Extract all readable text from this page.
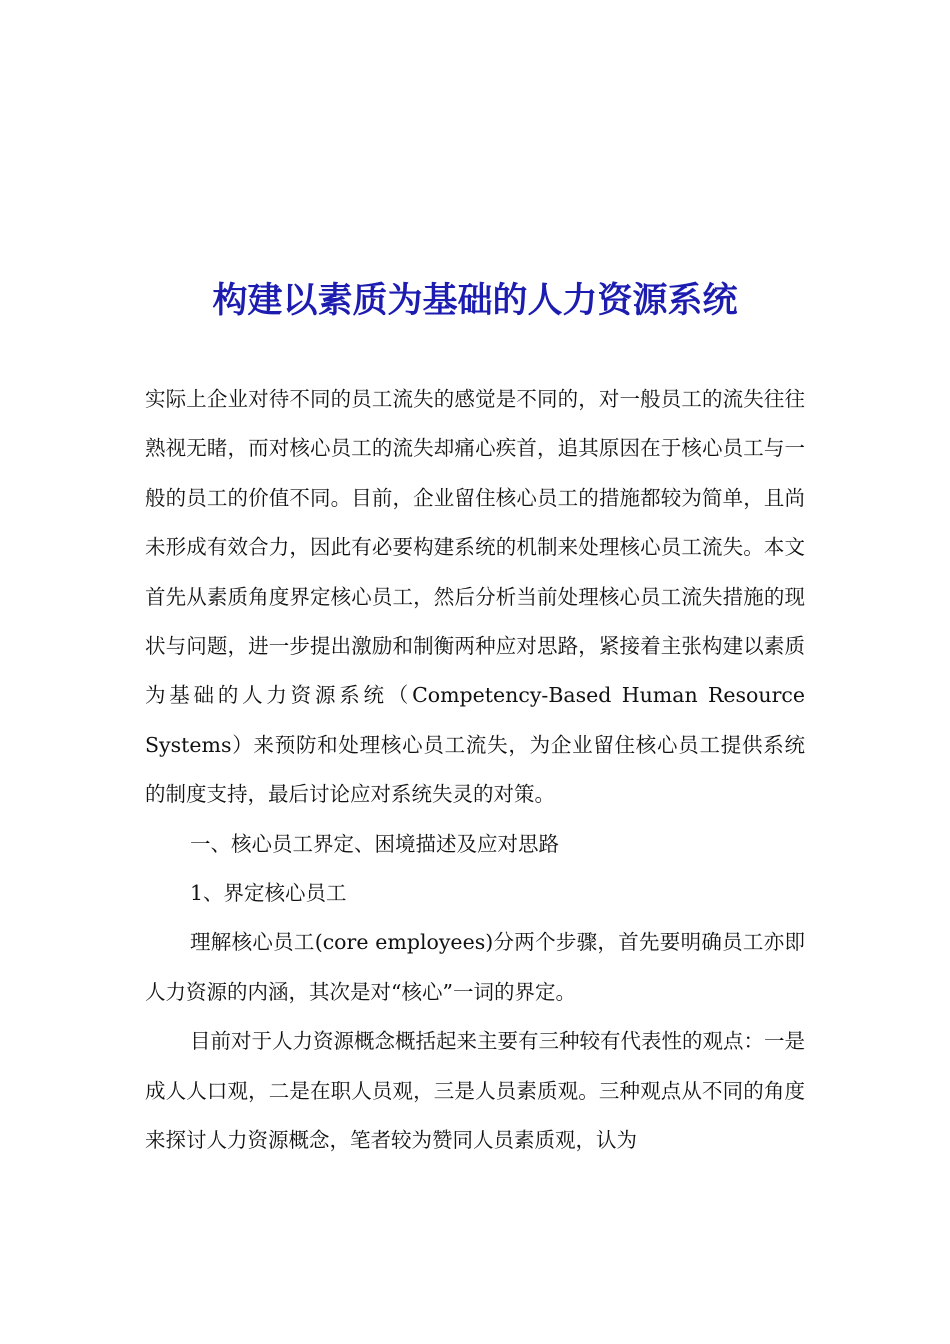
构建以素质为基础的人力资源系统

实际上企业对待不同的员工流失的感觉是不同的，对一般员工的流失往往熟视无睹，而对核心员工的流失却痛心疾首，追其原因在于核心员工与一般的员工的价值不同。目前，企业留住核心员工的措施都较为简单，且尚未形成有效合力，因此有必要构建系统的机制来处理核心员工流失。本文首先从素质角度界定核心员工，然后分析当前处理核心员工流失措施的现状与问题，进一步提出激励和制衡两种应对思路，紧接着主张构建以素质为基础的人力资源系统（Competency-Based Human Resource Systems）来预防和处理核心员工流失，为企业留住核心员工提供系统的制度支持，最后讨论应对系统失灵的对策。

一、核心员工界定、困境描述及应对思路

1、界定核心员工

理解核心员工(core employees)分两个步骤，首先要明确员工亦即人力资源的内涵，其次是对“核心”一词的界定。

目前对于人力资源概念概括起来主要有三种较有代表性的观点：一是成人人口观，二是在职人员观，三是人员素质观。三种观点从不同的角度来探讨人力资源概念，笔者较为赞同人员素质观，认为
